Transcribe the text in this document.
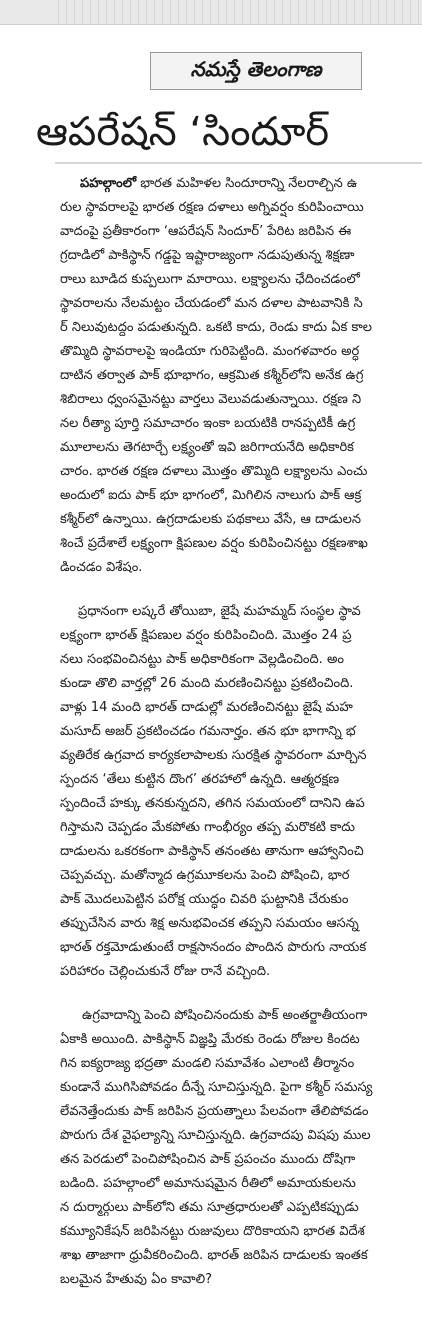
నమస్తే తెలంగాణ
ఆపరేషన్ ‘సిందూర్
పహల్గాంలో భారత మహిళల సిందూరాన్ని నేలరాల్చిన ఉ
రుల స్థావరాలపై భారత రక్షణ దళాలు అగ్నివర్షం కురిపించాయి
వాదంపై ప్రతీకారంగా ‘ఆపరేషన్ సిందూర్’ పేరిట జరిపిన ఈ
గ్రదాడిలో పాకిస్థాన్ గడ్డపై ఇష్టారాజ్యంగా నడుపుతున్న శిక్షణా
రాలు బూడిద కుప్పలుగా మారాయి. లక్ష్యాలను ఛేదించడంలో
స్థావరాలను నేలమట్టం చేయడంలో మన దళాల పాటవానికి సి
ర్ నిలువుటద్దం పడుతున్నది. ఒకటి కాదు, రెండు కాదు ఏక కాల
తొమ్మిది స్థావరాలపై ఇండియా గురిపెట్టింది. మంగళవారం అర్ధ
దాటిన తర్వాత పాక్ భూభాగం, ఆక్రమిత కశ్మీర్‌లోని అనేక ఉగ్ర
శిబిరాలు ధ్వంసమైనట్టు వార్తలు వెలువడుతున్నాయి. రక్షణ ని
నల రీత్యా పూర్తి సమాచారం ఇంకా బయటికి రానప్పటికీ ఉగ్ర
మూలాలను తెగటార్చే లక్ష్యంతో ఇవి జరిగాయనేది అధికారిక
చారం. భారత రక్షణ దళాలు మొత్తం తొమ్మిది లక్ష్యాలను ఎంచు
అందులో ఐదు పాక్ భూ భాగంలో, మిగిలిన నాలుగు పాక్ ఆక్ర
కశ్మీర్‌లో ఉన్నాయి. ఉగ్రదాడులకు పథకాలు వేసే, ఆ దాడులన
శించే ప్రదేశాలే లక్ష్యంగా క్షిపణుల వర్షం కురిపించినట్టు రక్షణశాఖ
డించడం విశేషం.
ప్రధానంగా లష్కరే తోయిబా, జైషే మహమ్మద్ సంస్థల స్థావ
లక్ష్యంగా భారత్ క్షిపణుల వర్షం కురిపించింది. మొత్తం 24 ప్ర
నలు సంభవించినట్టు పాక్ అధికారికంగా వెల్లడించింది. అం
కుండా తొలి వార్తల్లో 26 మంది మరణించినట్టు ప్రకటించింది.
వాళ్లు 14 మంది భారత్ దాడుల్లో మరణించినట్టు జైషే మహ
మసూద్ అజర్ ప్రకటించడం గమనార్హం. తన భూ భాగాన్ని భ
వ్యతిరేక ఉగ్రవాద కార్యకలాపాలకు సురక్షిత స్థావరంగా మార్చిన
స్పందన ‘తేలు కుట్టిన దొంగ’ తరహాలో ఉన్నది. ఆత్మరక్షణ
స్పందించే హక్కు తనకున్నదని, తగిన సమయంలో దానిని ఉప
గిస్తామని చెప్పడం మేకపోతు గాంభీర్యం తప్ప మరొకటి కాదు
దాడులను ఒకరకంగా పాకిస్థాన్ తనంతట తానుగా ఆహ్వానించి
చెప్పవచ్చు. మతోన్మాద ఉగ్రమూకలను పెంచి పోషించి, భార
పాక్ మొదలుపెట్టిన పరోక్ష యుద్ధం చివరి ఘట్టానికి చేరుకుం
తప్పుచేసిన వారు శిక్ష అనుభవించక తప్పని సమయం ఆసన్న
భారత్ రక్తమోడుతుంటే రాక్షసానందం పొందిన పొరుగు నాయక
పరిహారం చెల్లించుకునే రోజు రానే వచ్చింది.
ఉగ్రవాదాన్ని పెంచి పోషించినందుకు పాక్ అంతర్జాతీయంగా
ఏకాకి అయింది. పాకిస్థాన్ విజ్ఞప్తి మేరకు రెండు రోజుల కిందట
గిన ఐక్యరాజ్య భద్రతా మండలి సమావేశం ఎలాంటి తీర్మానం
కుండానే ముగిసిపోవడం దీన్నే సూచిస్తున్నది. పైగా కశ్మీర్ సమస్య
లేవనెత్తేందుకు పాక్ జరిపిన ప్రయత్నాలు పేలవంగా తేలిపోవడం
పొరుగు దేశ వైఫల్యాన్ని సూచిస్తున్నది. ఉగ్రవాదపు విషపు ముల
తన పెరడులో పెంచిపోషించిన పాక్ ప్రపంచం ముందు దోషిగా
బడింది. పహల్గాంలో అమానుషమైన రీతిలో అమాయకులను
న దుర్మార్గులు పాక్‌లోని తమ సూత్రధారులతో ఎప్పటికప్పుడు
కమ్యూనికేషన్ జరిపినట్టు రుజువులు దొరికాయని భారత విదేశ
శాఖ తాజాగా ధ్రువీకరించింది. భారత్ జరిపిన దాడులకు ఇంతక
బలమైన హేతువు ఏం కావాలి?
